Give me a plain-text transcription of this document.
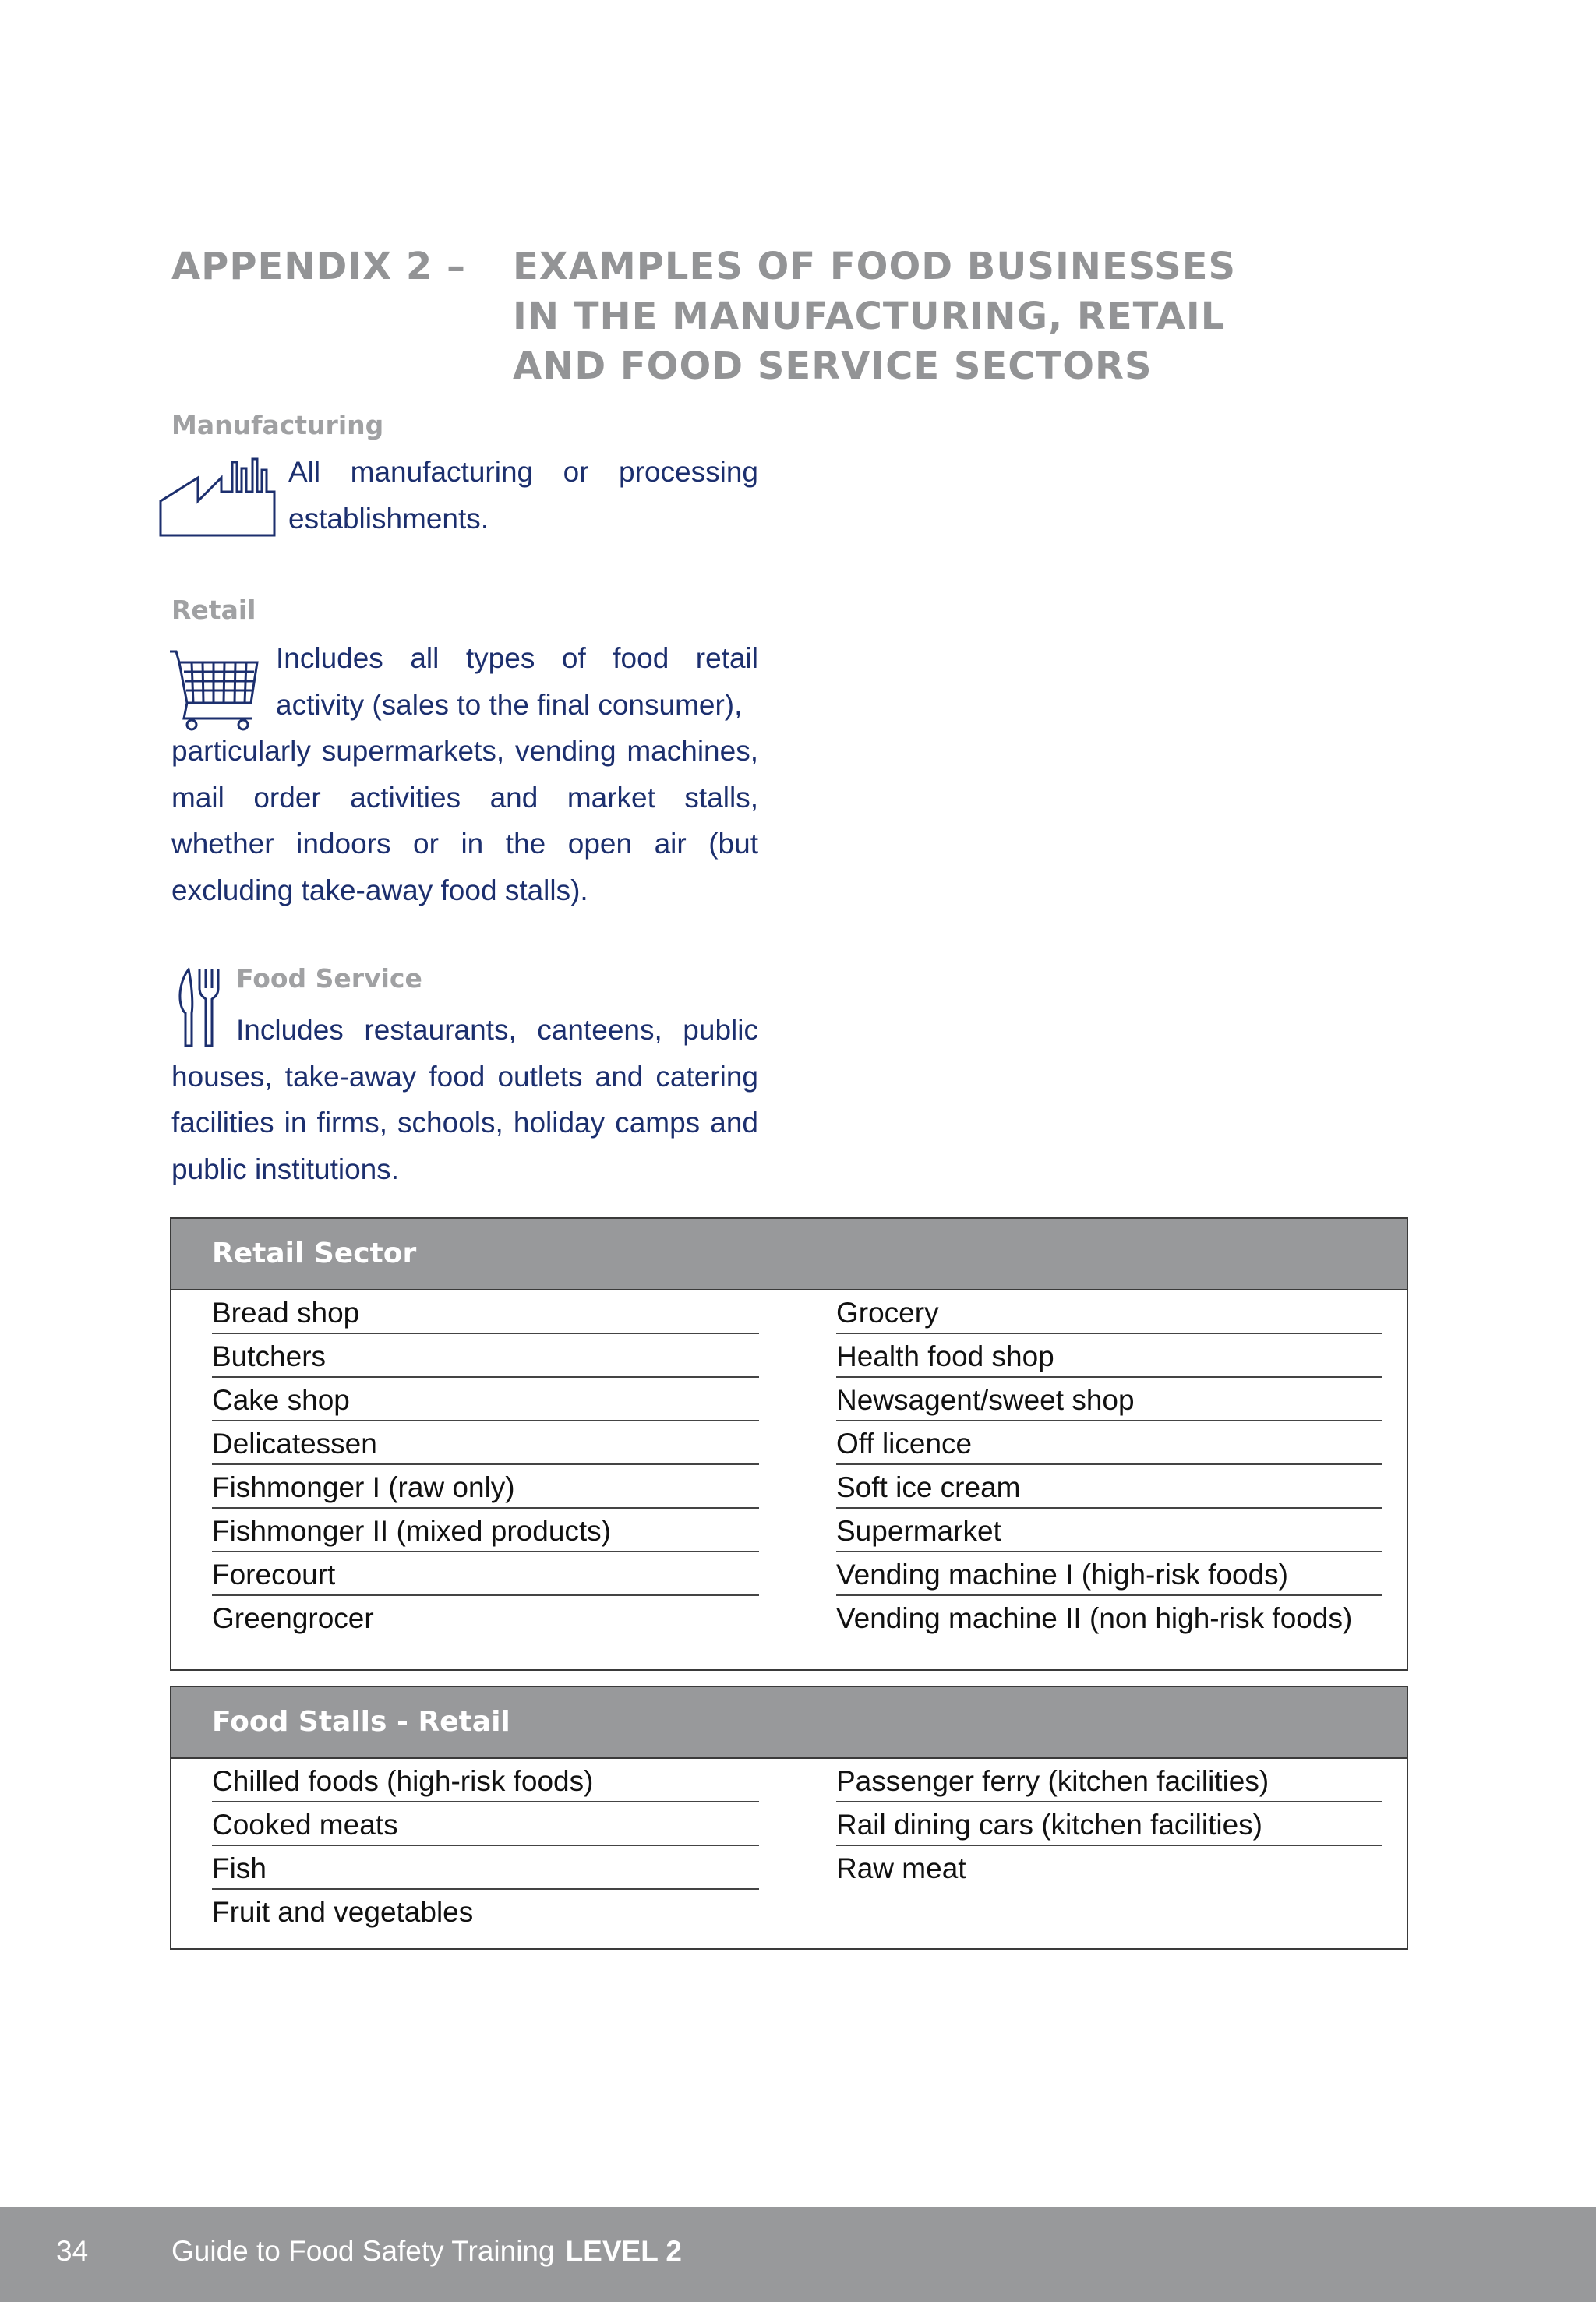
APPENDIX 2 – EXAMPLES OF FOOD BUSINESSES
IN THE MANUFACTURING, RETAIL
AND FOOD SERVICE SECTORS
Manufacturing
All manufacturing or processing establishments.
Retail
Includes all types of food retail activity (sales to the final consumer),
particularly supermarkets, vending machines, mail order activities and market stalls, whether indoors or in the open air (but excluding take-away food stalls).
Food Service
Includes restaurants, canteens, public houses, take-away food outlets and catering facilities in firms, schools, holiday camps and public institutions.
Retail Sector
Bread shop
Butchers
Cake shop
Delicatessen
Fishmonger I (raw only)
Fishmonger II (mixed products)
Forecourt
Greengrocer
Grocery
Health food shop
Newsagent/sweet shop
Off licence
Soft ice cream
Supermarket
Vending machine I (high-risk foods)
Vending machine II (non high-risk foods)
Food Stalls - Retail
Chilled foods (high-risk foods)
Cooked meats
Fish
Fruit and vegetables
Passenger ferry (kitchen facilities)
Rail dining cars (kitchen facilities)
Raw meat
34	Guide to Food Safety Training LEVEL 2
